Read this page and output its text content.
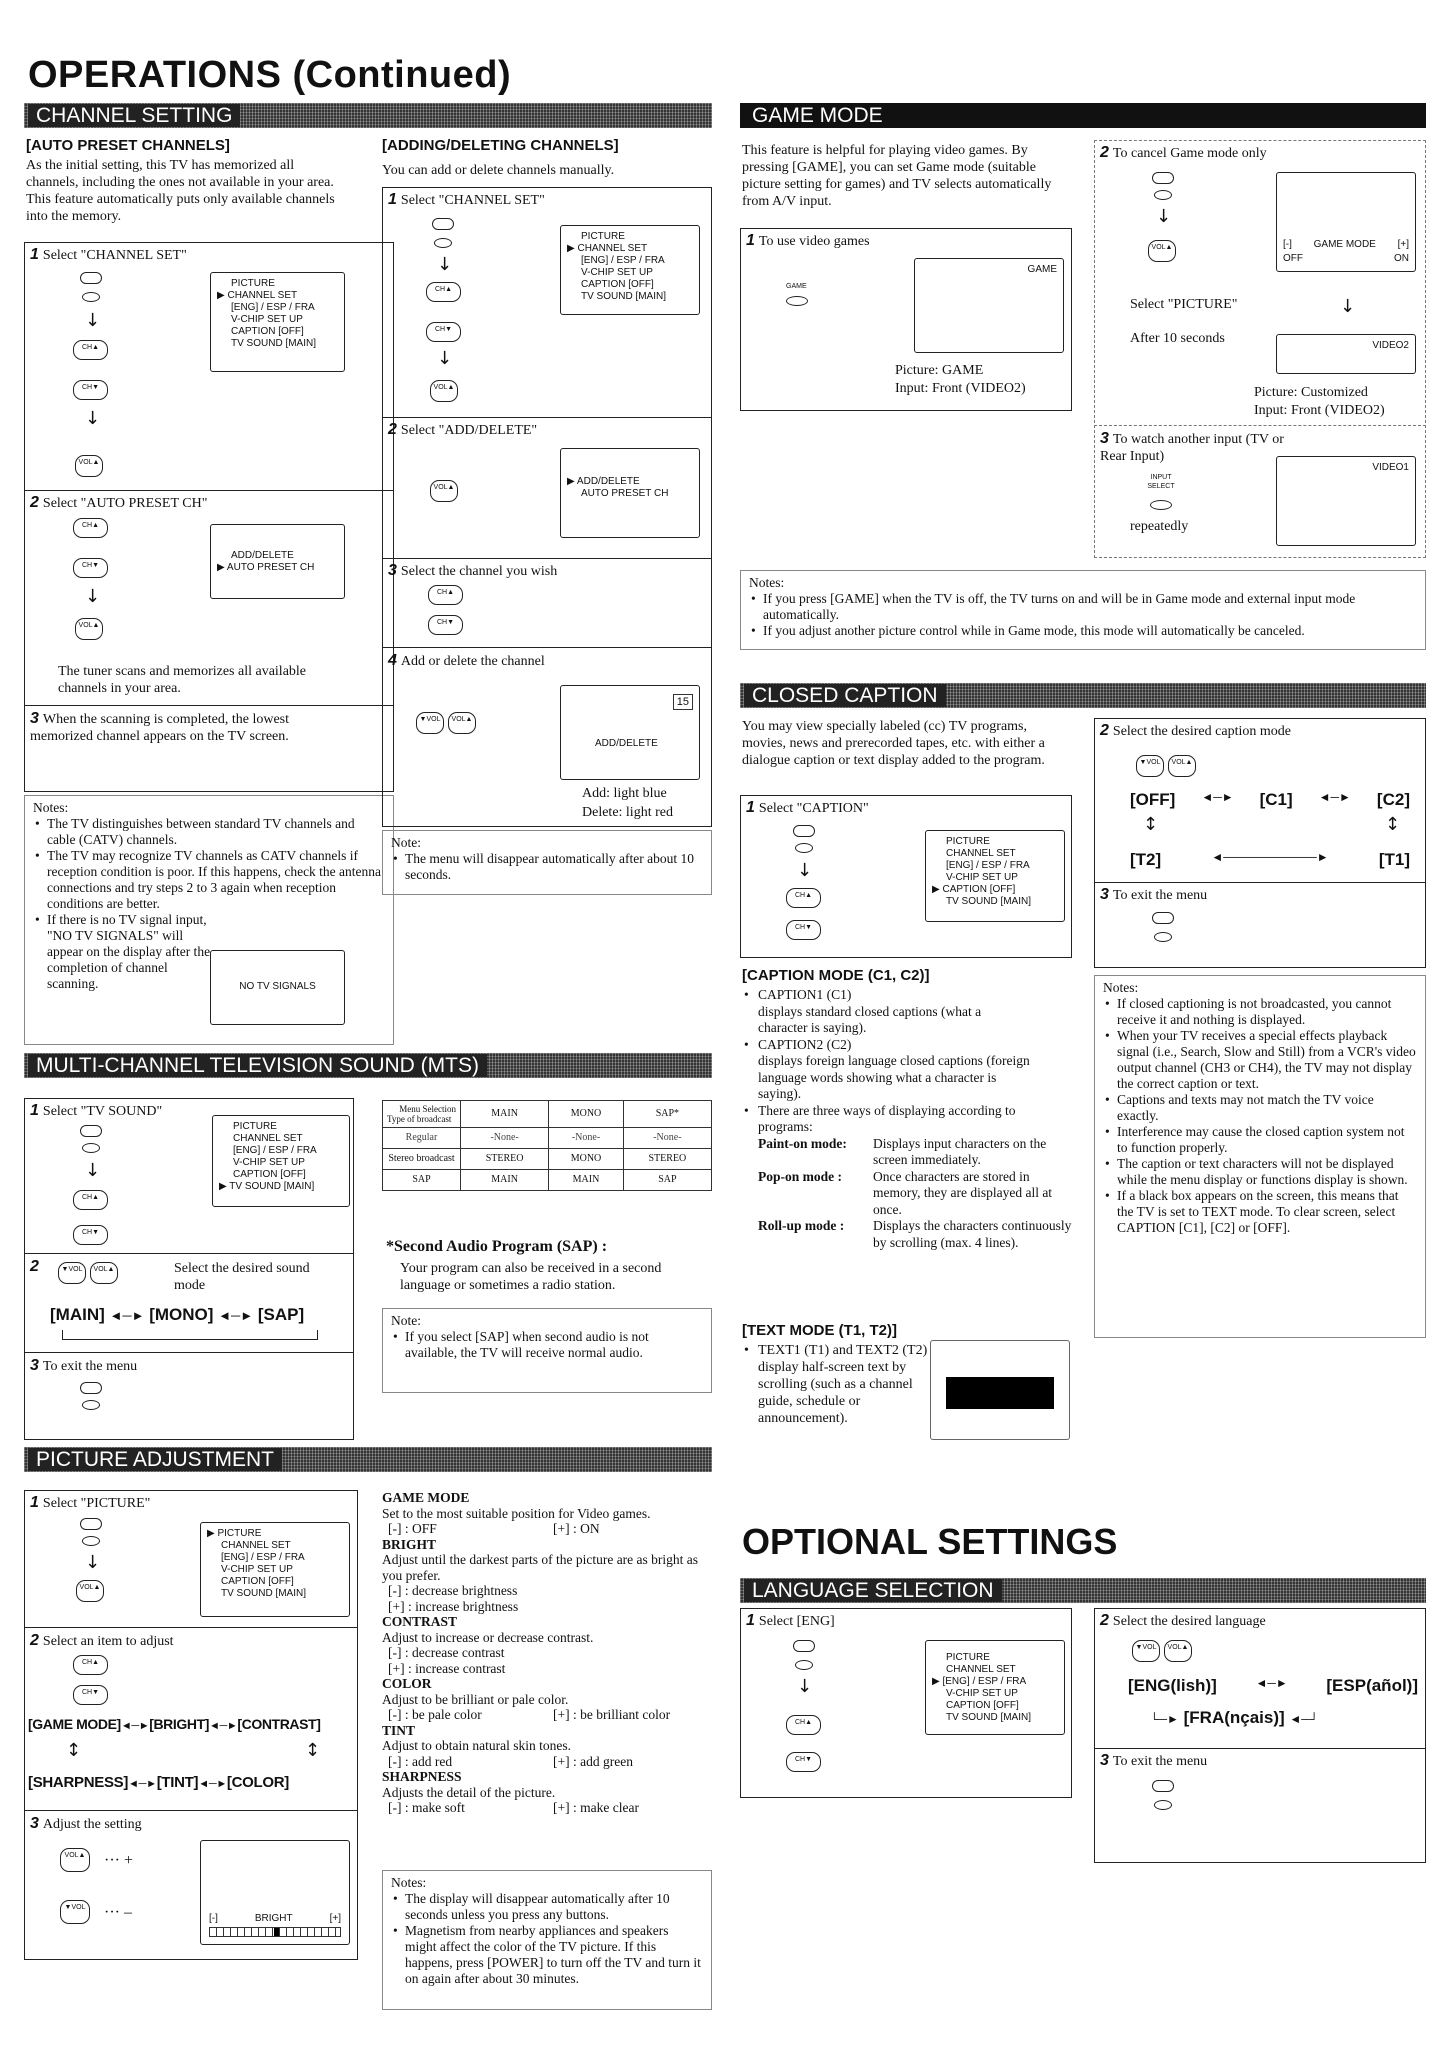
OPERATIONS (Continued)
CHANNEL SETTING
[AUTO PRESET CHANNELS]
As the initial setting, this TV has memorized all channels, including the ones not available in your area. This feature automatically puts only available channels into the memory.
1 Select "CHANNEL SET"
↓
CH▲
CH▼
↓
VOL▲
PICTURE
▶ CHANNEL SET
[ENG] / ESP / FRA
V-CHIP SET UP
CAPTION [OFF]
TV SOUND [MAIN]
2 Select "AUTO PRESET CH"
CH▲
CH▼
↓
VOL▲
ADD/DELETE
▶ AUTO PRESET CH
The tuner scans and memorizes all available channels in your area.
3 When the scanning is completed, the lowest memorized channel appears on the TV screen.
Notes:
• The TV distinguishes between standard TV channels and cable (CATV) channels.
• The TV may recognize TV channels as CATV channels if reception condition is poor. If this happens, check the antenna connections and try steps 2 to 3 again when reception conditions are better.
• If there is no TV signal input, "NO TV SIGNALS" will appear on the display after the completion of channel scanning.	NO TV SIGNALS
[ADDING/DELETING CHANNELS]
You can add or delete channels manually.
1 Select "CHANNEL SET"
↓
CH▲
CH▼
↓
VOL▲
PICTURE
▶ CHANNEL SET
[ENG] / ESP / FRA
V-CHIP SET UP
CAPTION [OFF]
TV SOUND [MAIN]
2 Select "ADD/DELETE"
VOL▲
▶ ADD/DELETE
AUTO PRESET CH
3 Select the channel you wish
CH▲
CH▼
4 Add or delete the channel
▼VOL	VOL▲
15
ADD/DELETE
Add: light blue
Delete: light red
Note:
• The menu will disappear automatically after about 10 seconds.
MULTI-CHANNEL TELEVISION SOUND (MTS)
1 Select "TV SOUND"
↓
CH▲
CH▼
PICTURE
CHANNEL SET
[ENG] / ESP / FRA
V-CHIP SET UP
CAPTION [OFF]
▶ TV SOUND [MAIN]
2	▼VOL	VOL▲	Select the desired sound mode
[MAIN] ◄─► [MONO] ◄─► [SAP]
3 To exit the menu
Menu Selection
Type of broadcast	MAIN	MONO	SAP*
Regular	-None-	-None-	-None-
Stereo broadcast	STEREO	MONO	STEREO
SAP	MAIN	MAIN	SAP
*Second Audio Program (SAP) :
Your program can also be received in a second language or sometimes a radio station.
Note:
• If you select [SAP] when second audio is not available, the TV will receive normal audio.
PICTURE ADJUSTMENT
1 Select "PICTURE"
↓
VOL▲
▶ PICTURE
CHANNEL SET
[ENG] / ESP / FRA
V-CHIP SET UP
CAPTION [OFF]
TV SOUND [MAIN]
2 Select an item to adjust
CH▲
CH▼
[GAME MODE]◄─►[BRIGHT]◄─►[CONTRAST]
↕	↕
[SHARPNESS]◄─►[TINT]◄─►[COLOR]
3 Adjust the setting
VOL▲ ··· +
▼VOL ··· –	[-]	BRIGHT	[+]
GAME MODE
Set to the most suitable position for Video games.
[-] : OFF	[+] : ON
BRIGHT
Adjust until the darkest parts of the picture are as bright as you prefer.
[-] : decrease brightness
[+] : increase brightness
CONTRAST
Adjust to increase or decrease contrast.
[-] : decrease contrast
[+] : increase contrast
COLOR
Adjust to be brilliant or pale color.
[-] : be pale color	[+] : be brilliant color
TINT
Adjust to obtain natural skin tones.
[-] : add red	[+] : add green
SHARPNESS
Adjusts the detail of the picture.
[-] : make soft	[+] : make clear
Notes:
• The display will disappear automatically after 10 seconds unless you press any buttons.
• Magnetism from nearby appliances and speakers might affect the color of the TV picture. If this happens, press [POWER] to turn off the TV and turn it on again after about 30 minutes.
GAME MODE
This feature is helpful for playing video games. By pressing [GAME], you can set Game mode (suitable picture setting for games) and TV selects automatically from A/V input.
1 To use video games
GAME
GAME
Picture: GAME
Input: Front (VIDEO2)
2 To cancel Game mode only
↓
VOL▲	[-] GAME MODE [+]
OFF	ON
Select "PICTURE"	↓
After 10 seconds	VIDEO2
Picture: Customized
Input: Front (VIDEO2)
3 To watch another input (TV or Rear Input)
INPUT SELECT
repeatedly
VIDEO1
Notes:
• If you press [GAME] when the TV is off, the TV turns on and will be in Game mode and external input mode automatically.
• If you adjust another picture control while in Game mode, this mode will automatically be canceled.
CLOSED CAPTION
You may view specially labeled (cc) TV programs, movies, news and prerecorded tapes, etc. with either a dialogue caption or text display added to the program.
1 Select "CAPTION"
↓
CH▲
CH▼
PICTURE
CHANNEL SET
[ENG] / ESP / FRA
V-CHIP SET UP
▶ CAPTION [OFF]
TV SOUND [MAIN]
[CAPTION MODE (C1, C2)]
• CAPTION1 (C1)
displays standard closed captions (what a character is saying).
• CAPTION2 (C2)
displays foreign language closed captions (foreign language words showing what a character is saying).
• There are three ways of displaying according to programs:
Paint-on mode:	Displays input characters on the screen immediately.
Pop-on mode :	Once characters are stored in memory, they are displayed all at once.
Roll-up mode :	Displays the characters continuously by scrolling (max. 4 lines).
[TEXT MODE (T1, T2)]
• TEXT1 (T1) and TEXT2 (T2) display half-screen text by scrolling (such as a channel guide, schedule or announcement).
2 Select the desired caption mode
▼VOL	VOL▲
[OFF] ◄─► [C1] ◄─► [C2]
↕	↕
[T2]	◄───────────►	[T1]
3 To exit the menu
Notes:
• If closed captioning is not broadcasted, you cannot receive it and nothing is displayed.
• When your TV receives a special effects playback signal (i.e., Search, Slow and Still) from a VCR's video output channel (CH3 or CH4), the TV may not display the correct caption or text.
• Captions and texts may not match the TV voice exactly.
• Interference may cause the closed caption system not to function properly.
• The caption or text characters will not be displayed while the menu display or functions display is shown.
• If a black box appears on the screen, this means that the TV is set to TEXT mode. To clear screen, select CAPTION [C1], [C2] or [OFF].
OPTIONAL SETTINGS
LANGUAGE SELECTION
1 Select [ENG]
↓
CH▲
CH▼
PICTURE
CHANNEL SET
▶ [ENG] / ESP / FRA
V-CHIP SET UP
CAPTION [OFF]
TV SOUND [MAIN]
2 Select the desired language
▼VOL	VOL▲
[ENG(lish)]	◄─► [ESP(añol)]
└─► [FRA(nçais)] ◄─┘
3 To exit the menu
